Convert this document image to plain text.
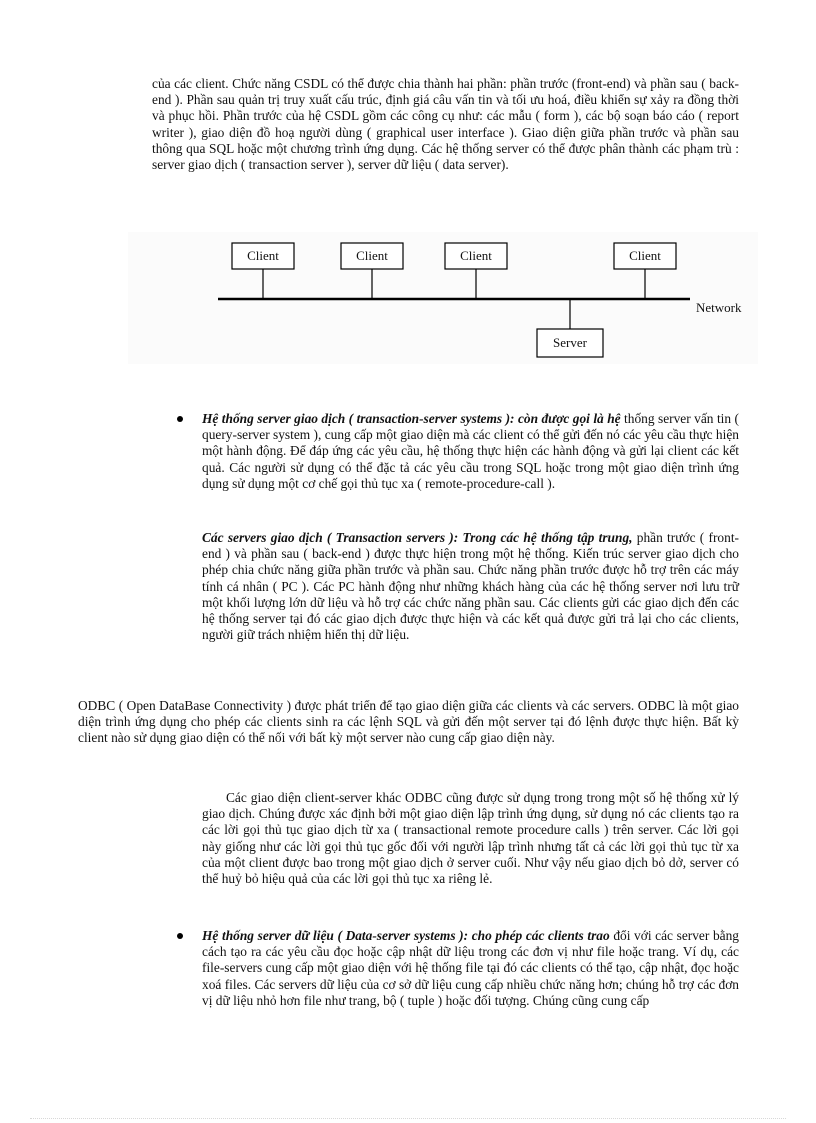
của các client. Chức năng CSDL có thể được chia thành hai phần: phần trước (front-end) và phần sau ( back-end ). Phần sau quản trị truy xuất cấu trúc, định giá câu vấn tin và tối ưu hoá, điều khiển sự xảy ra đồng thời và phục hồi. Phần trước của hệ CSDL gồm các công cụ như: các mẫu ( form ), các bộ soạn báo cáo ( report writer ), giao diện đồ hoạ người dùng ( graphical user interface ). Giao diện giữa phần trước và phần sau thông qua SQL hoặc một chương trình ứng dụng. Các hệ thống server có thể được phân thành các phạm trù : server giao dịch ( transaction server ), server dữ liệu ( data server).

Client	Client	Client	Client
Network
Server

Hệ thống server giao dịch ( transaction-server systems ): còn được gọi là hệ thống server vấn tin ( query-server system ), cung cấp một giao diện mà các client có thể gửi đến nó các yêu cầu thực hiện một hành động. Để đáp ứng các yêu cầu, hệ thống thực hiện các hành động và gửi lại client các kết quả. Các người sử dụng có thể đặc tả các yêu cầu trong SQL hoặc trong một giao diện trình ứng dụng sử dụng một cơ chế gọi thủ tục xa ( remote-procedure-call ).

Các servers giao dịch ( Transaction servers ): Trong các hệ thống tập trung, phần trước ( front-end ) và phần sau ( back-end ) được thực hiện trong một hệ thống. Kiến trúc server giao dịch cho phép chia chức năng giữa phần trước và phần sau. Chức năng phần trước được hỗ trợ trên các máy tính cá nhân ( PC ). Các PC hành động như những khách hàng của các hệ thống server nơi lưu trữ một khối lượng lớn dữ liệu và hỗ trợ các chức năng phần sau. Các clients gửi các giao dịch đến các hệ thống server tại đó các giao dịch được thực hiện và các kết quả được gửi trả lại cho các clients, người giữ trách nhiệm hiển thị dữ liệu.

ODBC ( Open DataBase Connectivity ) được phát triển để tạo giao diện giữa các clients và các servers. ODBC là một giao diện trình ứng dụng cho phép các clients sinh ra các lệnh SQL và gửi đến một server tại đó lệnh được thực hiện. Bất kỳ client nào sử dụng giao diện có thể nối với bất kỳ một server nào cung cấp giao diện này.

Các giao diện client-server khác ODBC cũng được sử dụng trong trong một số hệ thống xử lý giao dịch. Chúng được xác định bởi một giao diện lập trình ứng dụng, sử dụng nó các clients tạo ra các lời gọi thủ tục giao dịch từ xa ( transactional remote procedure calls ) trên server. Các lời gọi này giống như các lời gọi thủ tục gốc đối với người lập trình nhưng tất cả các lời gọi thủ tục từ xa của một client được bao trong một giao dịch ở server cuối. Như vậy nếu giao dịch bỏ dở, server có thể huỷ bỏ hiệu quả của các lời gọi thủ tục xa riêng lẻ.

Hệ thống server dữ liệu ( Data-server systems ): cho phép các clients trao đổi với các server bằng cách tạo ra các yêu cầu đọc hoặc cập nhật dữ liệu trong các đơn vị như file hoặc trang. Ví dụ, các file-servers cung cấp một giao diện với hệ thống file tại đó các clients có thể tạo, cập nhật, đọc hoặc xoá files. Các servers dữ liệu của cơ sở dữ liệu cung cấp nhiều chức năng hơn; chúng hỗ trợ các đơn vị dữ liệu nhỏ hơn file như trang, bộ ( tuple ) hoặc đối tượng. Chúng cũng cung cấp
